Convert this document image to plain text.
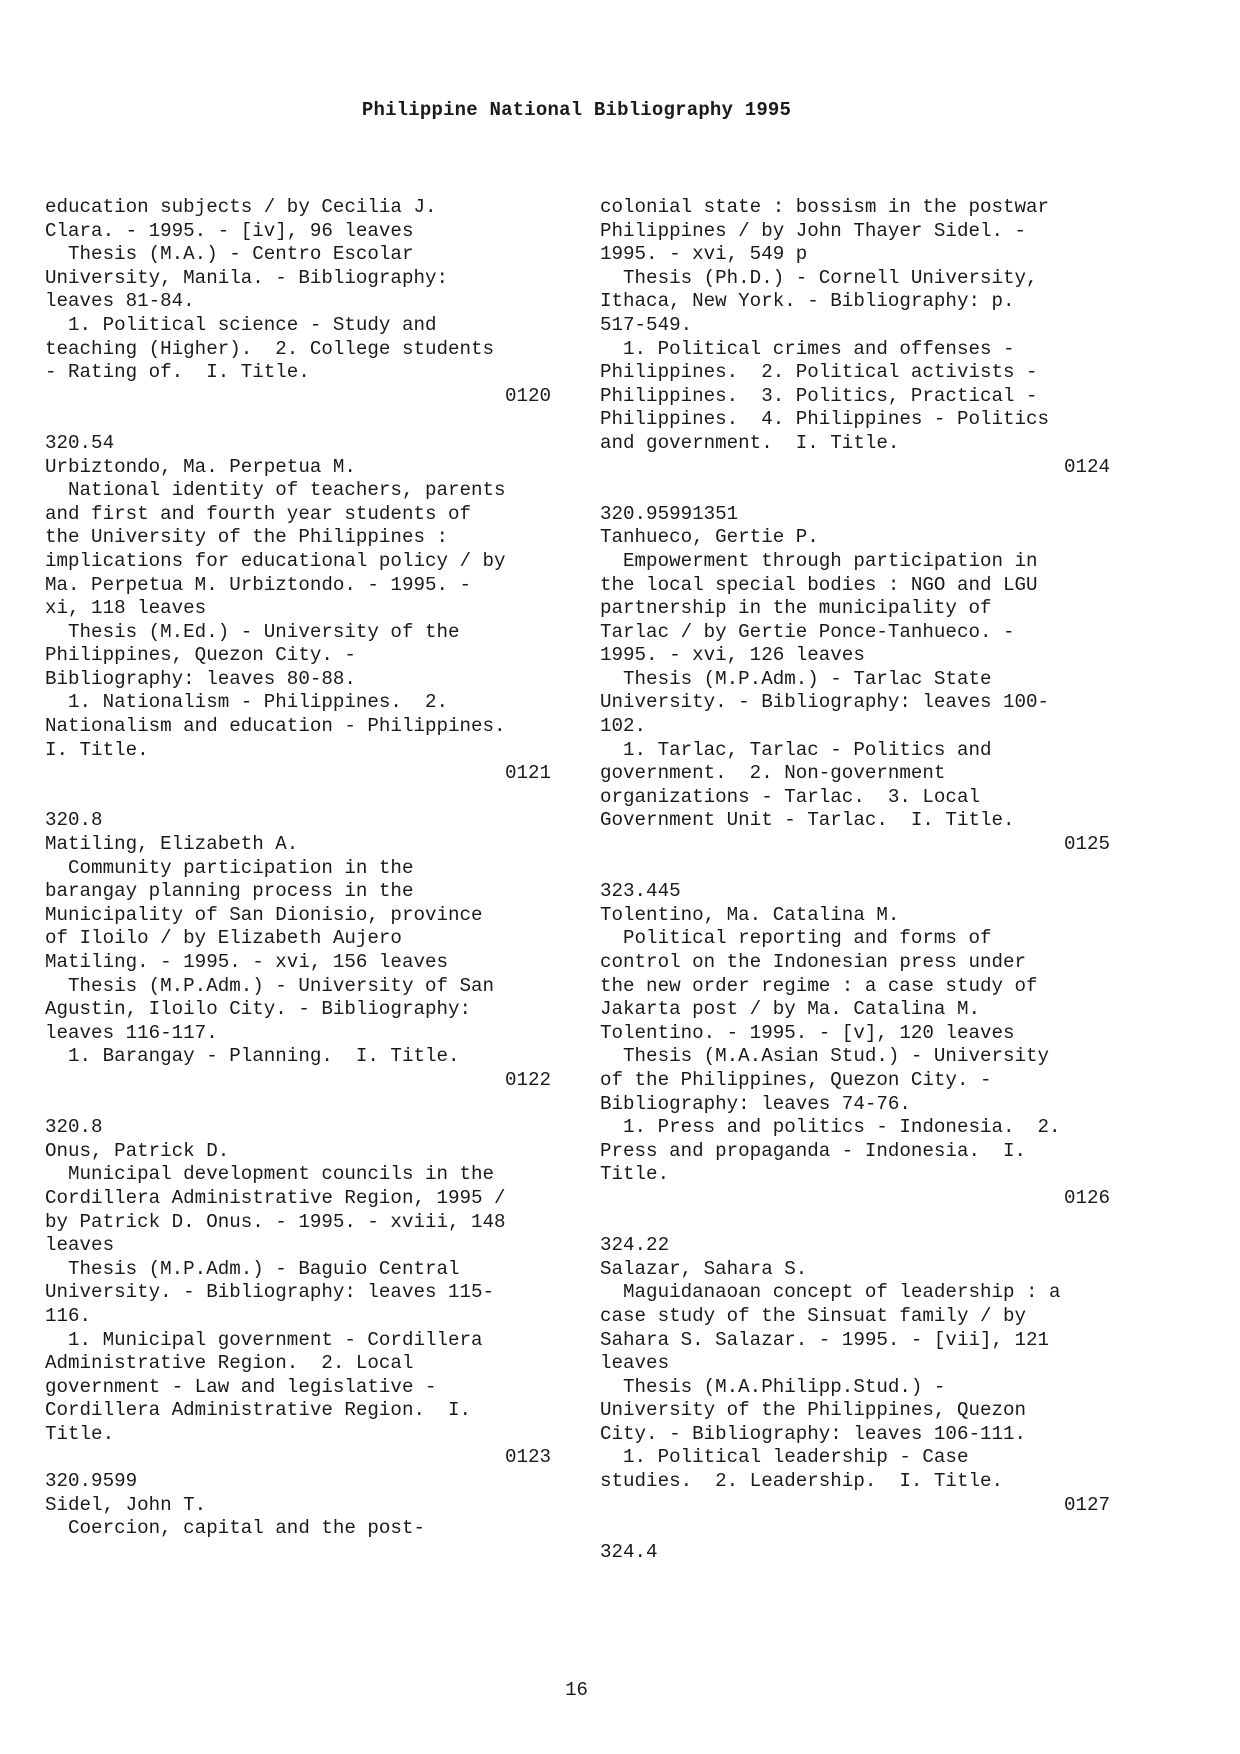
Philippine National Bibliography 1995
education subjects / by Cecilia J.
Clara. - 1995. - [iv], 96 leaves
Thesis (M.A.) - Centro Escolar
University, Manila. - Bibliography:
leaves 81-84.
1. Political science - Study and
teaching (Higher).  2. College students
- Rating of.  I. Title.
0120
320.54
Urbiztondo, Ma. Perpetua M.
National identity of teachers, parents
and first and fourth year students of
the University of the Philippines :
implications for educational policy / by
Ma. Perpetua M. Urbiztondo. - 1995. -
xi, 118 leaves
Thesis (M.Ed.) - University of the
Philippines, Quezon City. -
Bibliography: leaves 80-88.
1. Nationalism - Philippines.  2.
Nationalism and education - Philippines.
I. Title.
0121
320.8
Matiling, Elizabeth A.
Community participation in the
barangay planning process in the
Municipality of San Dionisio, province
of Iloilo / by Elizabeth Aujero
Matiling. - 1995. - xvi, 156 leaves
Thesis (M.P.Adm.) - University of San
Agustin, Iloilo City. - Bibliography:
leaves 116-117.
1. Barangay - Planning.  I. Title.
0122
320.8
Onus, Patrick D.
Municipal development councils in the
Cordillera Administrative Region, 1995 /
by Patrick D. Onus. - 1995. - xviii, 148
leaves
Thesis (M.P.Adm.) - Baguio Central
University. - Bibliography: leaves 115-
116.
1. Municipal government - Cordillera
Administrative Region.  2. Local
government - Law and legislative -
Cordillera Administrative Region.  I.
Title.
0123
320.9599
Sidel, John T.
Coercion, capital and the post-
colonial state : bossism in the postwar
Philippines / by John Thayer Sidel. -
1995. - xvi, 549 p
Thesis (Ph.D.) - Cornell University,
Ithaca, New York. - Bibliography: p.
517-549.
1. Political crimes and offenses -
Philippines.  2. Political activists -
Philippines.  3. Politics, Practical -
Philippines.  4. Philippines - Politics
and government.  I. Title.
0124
320.95991351
Tanhueco, Gertie P.
Empowerment through participation in
the local special bodies : NGO and LGU
partnership in the municipality of
Tarlac / by Gertie Ponce-Tanhueco. -
1995. - xvi, 126 leaves
Thesis (M.P.Adm.) - Tarlac State
University. - Bibliography: leaves 100-
102.
1. Tarlac, Tarlac - Politics and
government.  2. Non-government
organizations - Tarlac.  3. Local
Government Unit - Tarlac.  I. Title.
0125
323.445
Tolentino, Ma. Catalina M.
Political reporting and forms of
control on the Indonesian press under
the new order regime : a case study of
Jakarta post / by Ma. Catalina M.
Tolentino. - 1995. - [v], 120 leaves
Thesis (M.A.Asian Stud.) - University
of the Philippines, Quezon City. -
Bibliography: leaves 74-76.
1. Press and politics - Indonesia.  2.
Press and propaganda - Indonesia.  I.
Title.
0126
324.22
Salazar, Sahara S.
Maguidanaoan concept of leadership : a
case study of the Sinsuat family / by
Sahara S. Salazar. - 1995. - [vii], 121
leaves
Thesis (M.A.Philipp.Stud.) -
University of the Philippines, Quezon
City. - Bibliography: leaves 106-111.
1. Political leadership - Case
studies.  2. Leadership.  I. Title.
0127
324.4
16
